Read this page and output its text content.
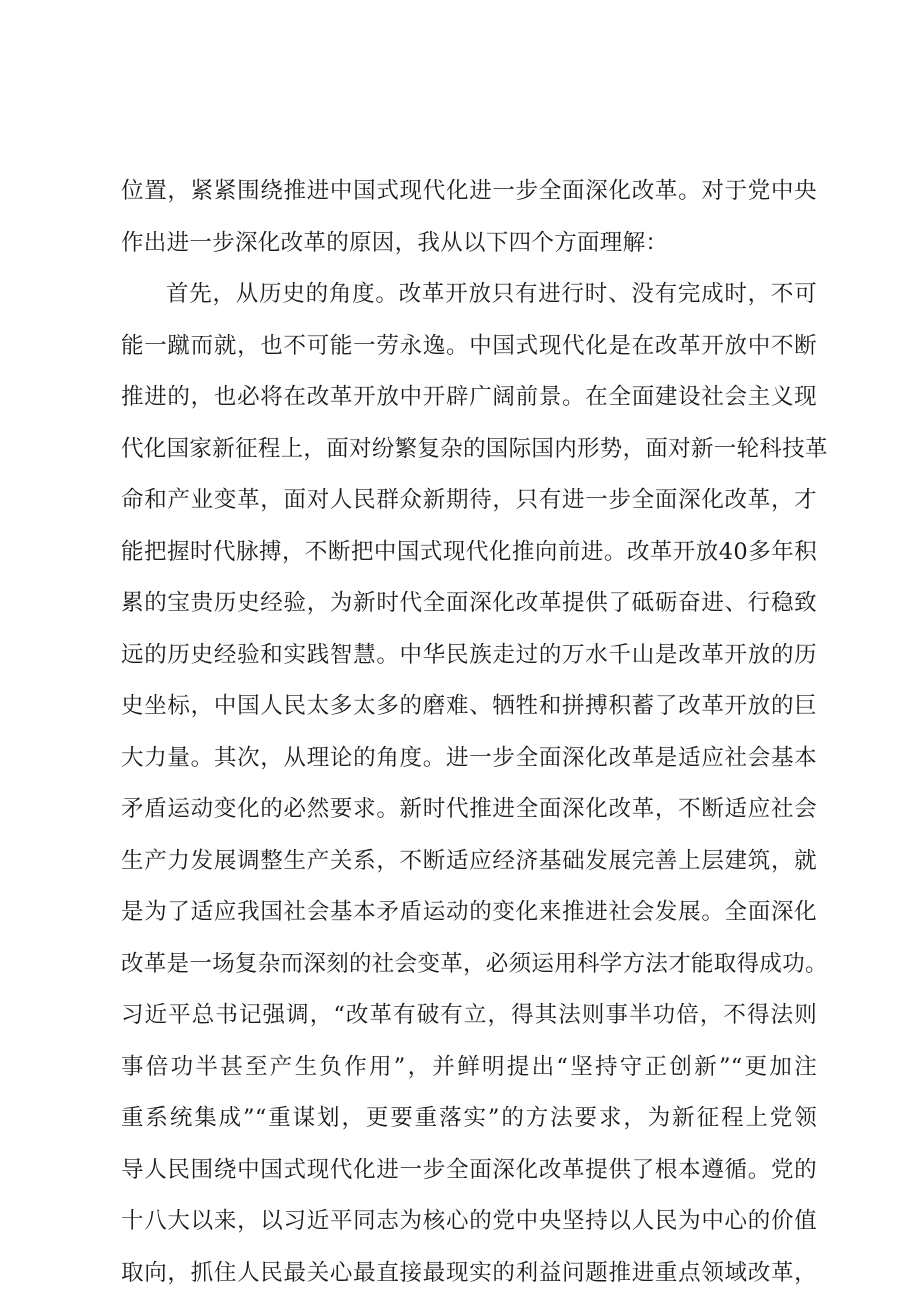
位置，紧紧围绕推进中国式现代化进一步全面深化改革。对于党中央
作出进一步深化改革的原因，我从以下四个方面理解：
首先，从历史的角度。改革开放只有进行时、没有完成时，不可
能一蹴而就，也不可能一劳永逸。中国式现代化是在改革开放中不断
推进的，也必将在改革开放中开辟广阔前景。在全面建设社会主义现
代化国家新征程上，面对纷繁复杂的国际国内形势，面对新一轮科技革
命和产业变革，面对人民群众新期待，只有进一步全面深化改革，才
能把握时代脉搏，不断把中国式现代化推向前进。改革开放40多年积
累的宝贵历史经验，为新时代全面深化改革提供了砥砺奋进、行稳致
远的历史经验和实践智慧。中华民族走过的万水千山是改革开放的历
史坐标，中国人民太多太多的磨难、牺牲和拼搏积蓄了改革开放的巨
大力量。其次，从理论的角度。进一步全面深化改革是适应社会基本
矛盾运动变化的必然要求。新时代推进全面深化改革，不断适应社会
生产力发展调整生产关系，不断适应经济基础发展完善上层建筑，就
是为了适应我国社会基本矛盾运动的变化来推进社会发展。全面深化
改革是一场复杂而深刻的社会变革，必须运用科学方法才能取得成功。
习近平总书记强调，“改革有破有立，得其法则事半功倍，不得法则
事倍功半甚至产生负作用”，并鲜明提出“坚持守正创新”“更加注
重系统集成”“重谋划，更要重落实”的方法要求，为新征程上党领
导人民围绕中国式现代化进一步全面深化改革提供了根本遵循。党的
十八大以来，以习近平同志为核心的党中央坚持以人民为中心的价值
取向，抓住人民最关心最直接最现实的利益问题推进重点领域改革，
